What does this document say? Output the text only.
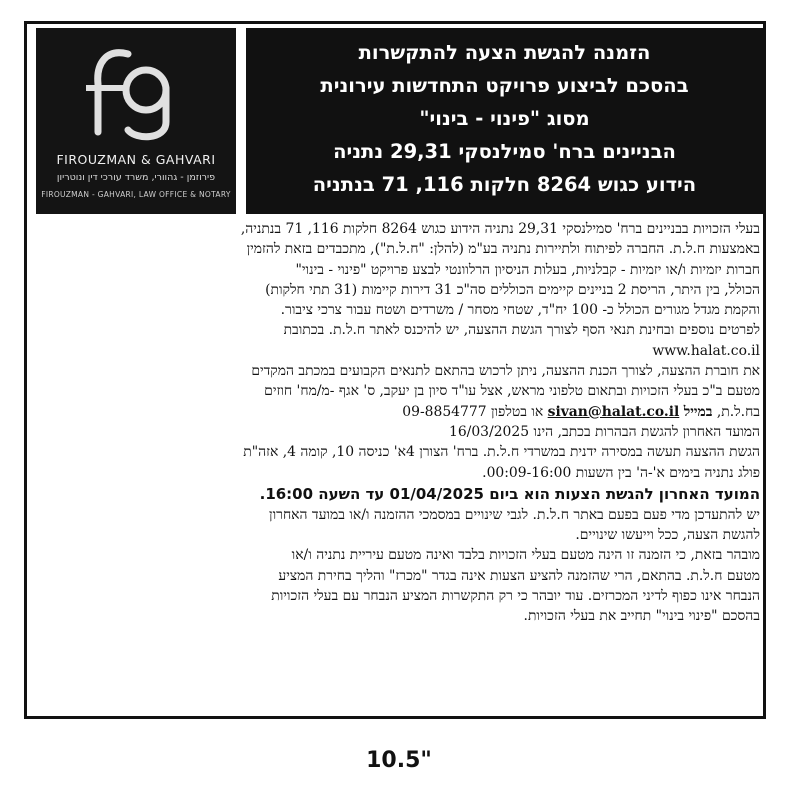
FIROUZMAN & GAHVARI
פירוזמן - גהוורי, משרד עורכי דין ונוטריון
FIROUZMAN - GAHVARI, LAW OFFICE & NOTARY
הזמנה להגשת הצעה להתקשרות
בהסכם לביצוע פרויקט התחדשות עירונית
מסוג "פינוי - בינוי"
הבניינים ברח' סמילנסקי 29,31 נתניה
הידוע כגוש 8264 חלקות 116, 71 בנתניה

בעלי הזכויות בבניינים ברח' סמילנסקי 29,31 נתניה הידוע כגוש 8264 חלקות 116, 71 בנתניה,
באמצעות ח.ל.ת. החברה לפיתוח ולתיירות נתניה בע"מ (להלן: "ח.ל.ת"), מתכבדים בזאת להזמין
חברות יזמיות ו/או יזמיות - קבלניות, בעלות הניסיון הרלוונטי לבצע פרויקט "פינוי - בינוי"
הכולל, בין היתר, הריסת 2 בניינים קיימים הכוללים סה"כ 31 דירות קיימות (31 תתי חלקות)
והקמת מגדל מגורים הכולל כ- 100 יח"ד, שטחי מסחר / משרדים ושטח עבור צרכי ציבור.

לפרטים נוספים ובחינת תנאי הסף לצורך הגשת ההצעה, יש להיכנס לאתר ח.ל.ת. בכתובת
www.halat.co.il

את חוברת ההצעה, לצורך הכנת ההצעה, ניתן לרכוש בהתאם לתנאים הקבועים במכתב המקדים
מטעם ב"כ בעלי הזכויות ובתאום טלפוני מראש, אצל עו"ד סיון בן יעקב, ס' אגף -מ/מח' חוזים
בח.ל.ת, במייל sivan@halat.co.il או בטלפון 09-8854777

המועד האחרון להגשת הבהרות בכתב, הינו 16/03/2025

הגשת ההצעה תעשה במסירה ידנית במשרדי ח.ל.ת. ברח' הצורן 4א' כניסה 10, קומה 4, אזה"ת
פולג נתניה בימים א'-ה' בין השעות 00:09-16:00.

המועד האחרון להגשת הצעות הוא ביום 01/04/2025 עד השעה 16:00.

יש להתעדכן מדי פעם בפעם באתר ח.ל.ת. לגבי שינויים במסמכי ההזמנה ו/או במועד האחרון
להגשת הצעה, ככל וייעשו שינויים.

מובהר בזאת, כי הזמנה זו הינה מטעם בעלי הזכויות בלבד ואינה מטעם עיריית נתניה ו/או
מטעם ח.ל.ת. בהתאם, הרי שהזמנה להציע הצעות אינה בגדר "מכרז" והליך בחירת המציע
הנבחר אינו כפוף לדיני המכרזים. עוד יובהר כי רק התקשרות המציע הנבחר עם בעלי הזכויות
בהסכם "פינוי בינוי" תחייב את בעלי הזכויות.

10.5"
